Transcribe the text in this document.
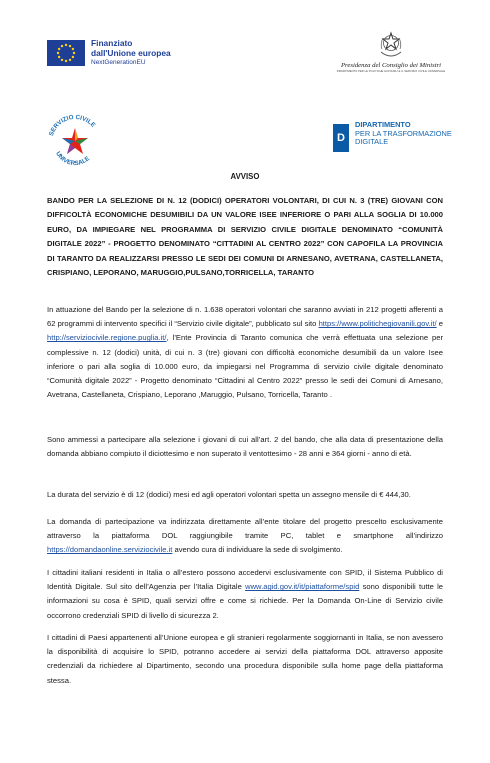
Finanziato
dall'Unione europea
NextGenerationEU	Presidenza del Consiglio dei Ministri
DIPARTIMENTO PER LE POLITICHE GIOVANILI E IL SERVIZIO CIVILE UNIVERSALE
SERVIZIO CIVILE
UNIVERSALE
D
DIPARTIMENTO
PER LA TRASFORMAZIONE
DIGITALE
AVVISO
BANDO PER LA SELEZIONE DI N. 12 (DODICI) OPERATORI VOLONTARI, DI CUI N. 3 (TRE) GIOVANI CON DIFFICOLTÀ ECONOMICHE DESUMIBILI DA UN VALORE ISEE INFERIORE O PARI ALLA SOGLIA DI 10.000 EURO, DA IMPIEGARE NEL PROGRAMMA DI SERVIZIO CIVILE DIGITALE DENOMINATO “COMUNITÀ DIGITALE 2022” - PROGETTO DENOMINATO “CITTADINI AL CENTRO 2022” CON CAPOFILA LA PROVINCIA DI TARANTO DA REALIZZARSI PRESSO LE SEDI DEI COMUNI DI ARNESANO, AVETRANA, CASTELLANETA, CRISPIANO, LEPORANO, MARUGGIO,PULSANO,TORRICELLA, TARANTO
In attuazione del Bando per la selezione di n. 1.638 operatori volontari che saranno avviati in 212 progetti afferenti a 62 programmi di intervento specifici il “Servizio civile digitale”, pubblicato sul sito https://www.politichegiovanili.gov.it/ e http://serviziocivile.regione.puglia.it/, l’Ente Provincia di Taranto comunica che verrà effettuata una selezione per complessive n. 12 (dodici) unità, di cui n. 3 (tre) giovani con difficoltà economiche desumibili da un valore Isee inferiore o pari alla soglia di 10.000 euro, da impiegarsi nel Programma di servizio civile digitale denominato “Comunità digitale 2022” - Progetto denominato “Cittadini al Centro 2022” presso le sedi dei Comuni di Arnesano, Avetrana, Castellaneta, Crispiano, Leporano ,Maruggio, Pulsano, Torricella, Taranto .
Sono ammessi a partecipare alla selezione i giovani di cui all’art. 2 del bando, che alla data di presentazione della domanda abbiano compiuto il diciottesimo e non superato il ventottesimo - 28 anni e 364 giorni - anno di età.
La durata del servizio è di 12 (dodici) mesi ed agli operatori volontari spetta un assegno mensile di € 444,30.
La domanda di partecipazione va indirizzata direttamente all’ente titolare del progetto prescelto esclusivamente attraverso la piattaforma DOL raggiungibile tramite PC, tablet e smartphone all’indirizzo https://domandaonline.serviziocivile.it avendo cura di individuare la sede di svolgimento.
I cittadini italiani residenti in Italia o all’estero possono accedervi esclusivamente con SPID, il Sistema Pubblico di Identità Digitale. Sul sito dell’Agenzia per l’Italia Digitale www.agid.gov.it/it/piattaforme/spid sono disponibili tutte le informazioni su cosa è SPID, quali servizi offre e come si richiede. Per la Domanda On-Line di Servizio civile occorrono credenziali SPID di livello di sicurezza 2.
I cittadini di Paesi appartenenti all’Unione europea e gli stranieri regolarmente soggiornanti in Italia, se non avessero la disponibilità di acquisire lo SPID, potranno accedere ai servizi della piattaforma DOL attraverso apposite credenziali da richiedere al Dipartimento, secondo una procedura disponibile sulla home page della piattaforma stessa.
